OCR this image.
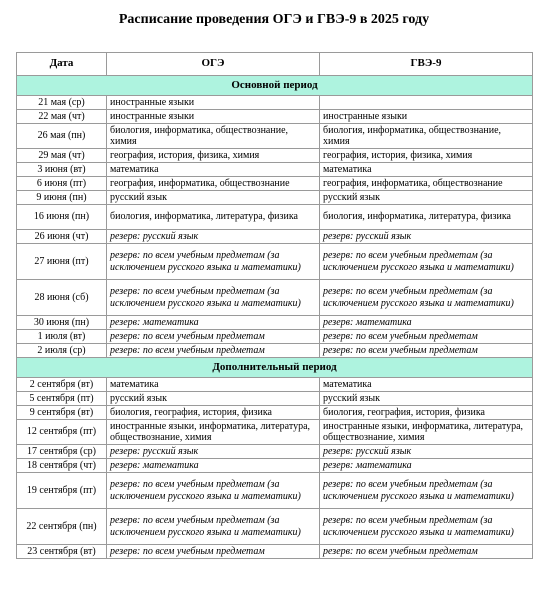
Расписание проведения ОГЭ и ГВЭ-9 в 2025 году
Дата	ОГЭ	ГВЭ-9
Основной период		
21 мая (ср)	иностранные языки	
22 мая (чт)	иностранные языки	иностранные языки
26 мая (пн)	биология, информатика, обществознание, химия	биология, информатика, обществознание, химия
29 мая (чт)	география, история, физика, химия	география, история, физика, химия
3 июня (вт)	математика	математика
6 июня (пт)	география, информатика, обществознание	география, информатика, обществознание
9 июня (пн)	русский язык	русский язык
16 июня (пн)	биология, информатика, литература, физика	биология, информатика, литература, физика
26 июня (чт)	резерв: русский язык	резерв: русский язык
27 июня (пт)	резерв: по всем учебным предметам (за исключением русского языка и математики)	резерв: по всем учебным предметам (за исключением русского языка и математики)
28 июня (сб)	резерв: по всем учебным предметам (за исключением русского языка и математики)	резерв: по всем учебным предметам (за исключением русского языка и математики)
30 июня (пн)	резерв: математика	резерв: математика
1 июля (вт)	резерв: по всем учебным предметам	резерв: по всем учебным предметам
2 июля (ср)	резерв: по всем учебным предметам	резерв: по всем учебным предметам
Дополнительный период		
2 сентября (вт)	математика	математика
5 сентября (пт)	русский язык	русский язык
9 сентября (вт)	биология, география, история, физика	биология, география, история, физика
12 сентября (пт)	иностранные языки, информатика, литература, обществознание, химия	иностранные языки, информатика, литература, обществознание, химия
17 сентября (ср)	резерв: русский язык	резерв: русский язык
18 сентября (чт)	резерв: математика	резерв: математика
19 сентября (пт)	резерв: по всем учебным предметам (за исключением русского языка и математики)	резерв: по всем учебным предметам (за исключением русского языка и математики)
22 сентября (пн)	резерв: по всем учебным предметам (за исключением русского языка и математики)	резерв: по всем учебным предметам (за исключением русского языка и математики)
23 сентября (вт)	резерв: по всем учебным предметам	резерв: по всем учебным предметам
